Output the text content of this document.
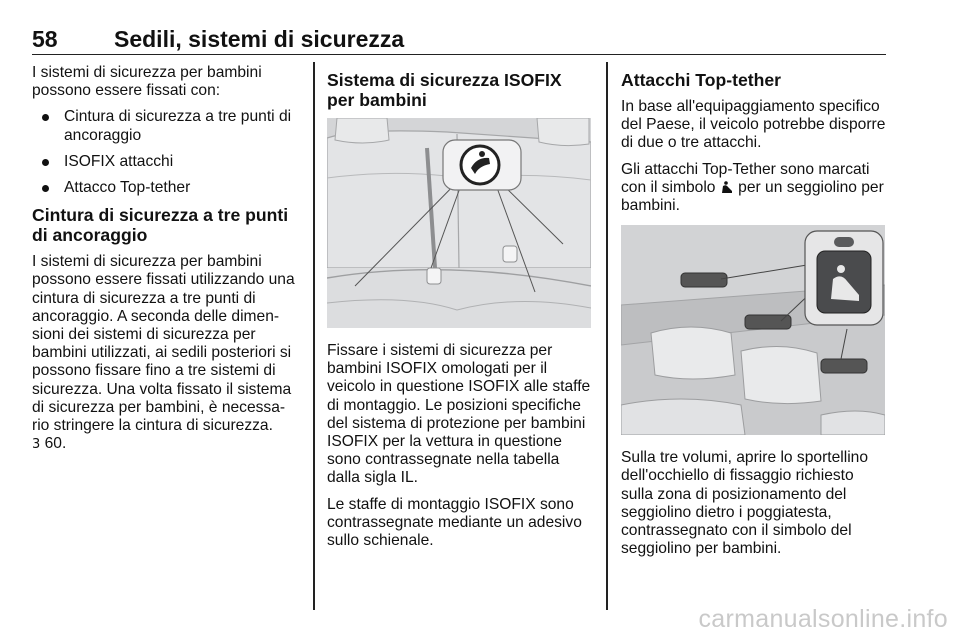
58 Sedili, sistemi di sicurezza

I sistemi di sicurezza per bambini possono essere fissati con:

Cintura di sicurezza a tre punti di ancoraggio
ISOFIX attacchi
Attacco Top-tether
Cintura di sicurezza a tre punti di ancoraggio

I sistemi di sicurezza per bambini possono essere fissati utilizzando una cintura di sicurezza a tre punti di ancoraggio. A seconda delle dimen-sioni dei sistemi di sicurezza per bambini utilizzati, ai sedili posteriori si possono fissare fino a tre sistemi di sicurezza. Una volta fissato il sistema di sicurezza per bambini, è necessa-rio stringere la cintura di sicurezza.
3 60.

Sistema di sicurezza ISOFIX per bambini

Fissare i sistemi di sicurezza per bambini ISOFIX omologati per il veicolo in questione ISOFIX alle staffe di montaggio. Le posizioni specifiche del sistema di protezione per bambini ISOFIX per la vettura in questione sono contrassegnate nella tabella dalla sigla IL.

Le staffe di montaggio ISOFIX sono contrassegnate mediante un adesivo sullo schienale.

Attacchi Top-tether

In base all'equipaggiamento specifico del Paese, il veicolo potrebbe disporre di due o tre attacchi.

Gli attacchi Top-Tether sono marcati con il simbolo per un seggiolino per bambini.

Sulla tre volumi, aprire lo sportellino dell'occhiello di fissaggio richiesto sulla zona di posizionamento del seggiolino dietro i poggiatesta, contrassegnato con il simbolo del seggiolino per bambini.

carmanualsonline.info
